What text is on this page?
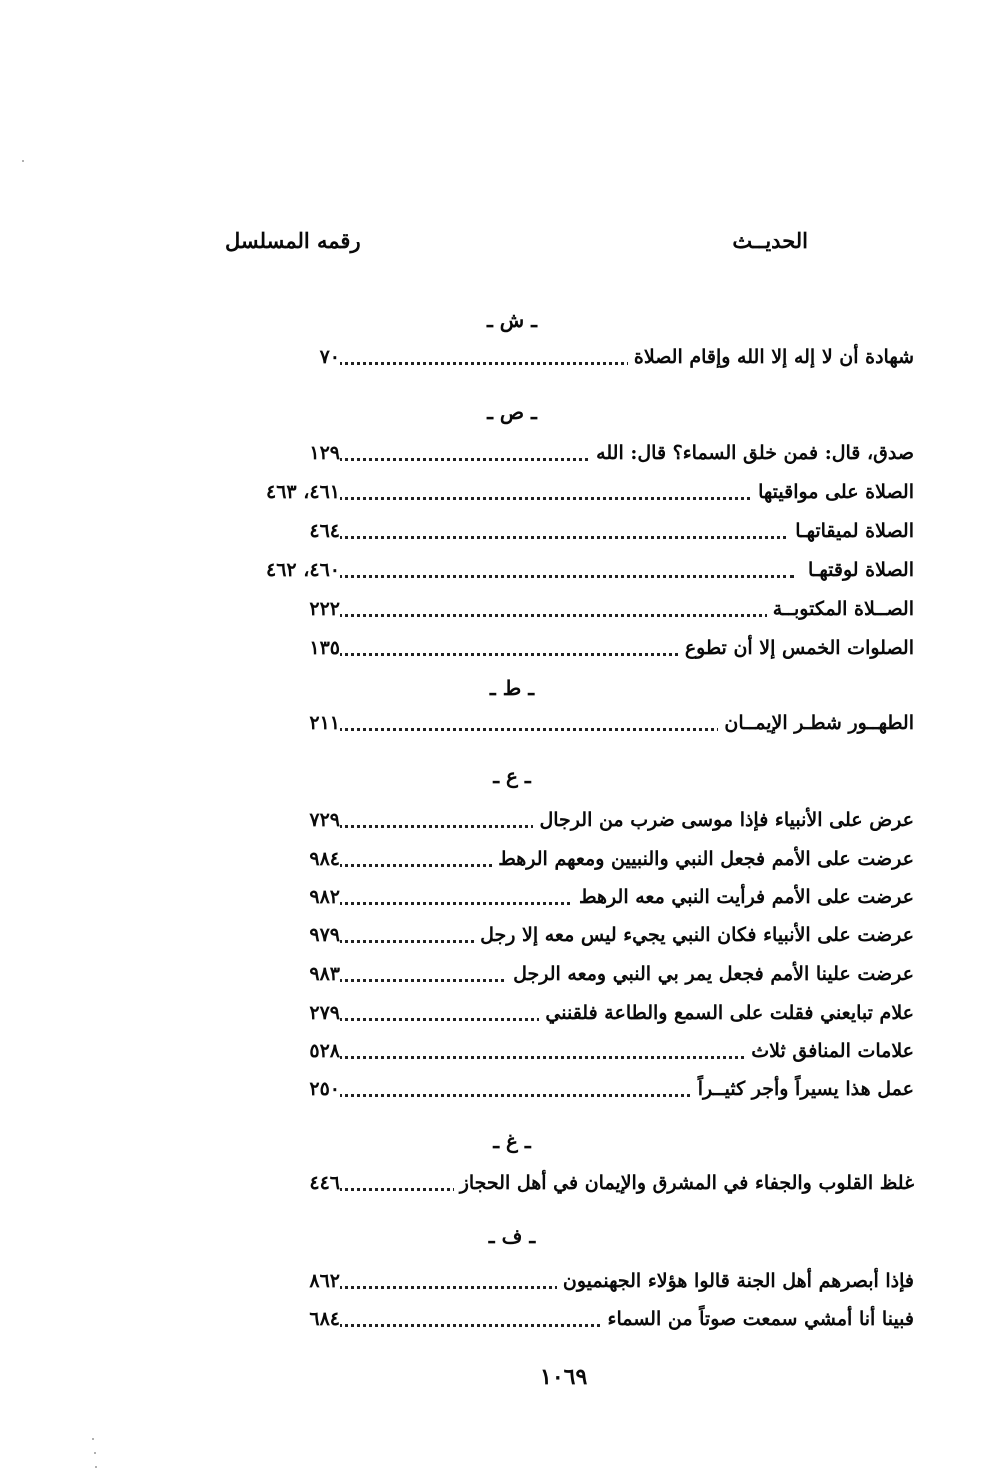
الحديــث
رقمه المسلسل
ـ ش ـ
شهادة أن لا إله إلا الله وإقام الصلاة
٧٠
ـ ص ـ
صدق، قال: فمن خلق السماء؟ قال: الله
١٢٩
الصلاة على مواقيتها
٤٦١، ٤٦٣
الصلاة لميقاتهـا
٤٦٤
الصلاة لوقتهـا
٤٦٠، ٤٦٢
الصــلاة المكتوبــة
٢٢٢
الصلوات الخمس إلا أن تطوع
١٣٥
ـ ط ـ
الطهــور شطـر الإيمــان
٢١١
ـ ع ـ
عرض على الأنبياء فإذا موسى ضرب من الرجال
٧٢٩
عرضت على الأمم فجعل النبي والنبيين ومعهم الرهط
٩٨٤
عرضت على الأمم فرأيت النبي معه الرهط
٩٨٢
عرضت على الأنبياء فكان النبي يجيء ليس معه إلا رجل
٩٧٩
عرضت علينا الأمم فجعل يمر بي النبي ومعه الرجل
٩٨٣
علام تبايعني فقلت على السمع والطاعة فلقنني
٢٧٩
علامات المنافق ثلاث
٥٢٨
عمل هذا يسيراً وأجر كثيــراً
٢٥٠
ـ غ ـ
غلظ القلوب والجفاء في المشرق والإيمان في أهل الحجاز
٤٤٦
ـ ف ـ
فإذا أبصرهم أهل الجنة قالوا هؤلاء الجهنميون
٨٦٢
فبينا أنا أمشي سمعت صوتاً من السماء
٦٨٤
١٠٦٩
